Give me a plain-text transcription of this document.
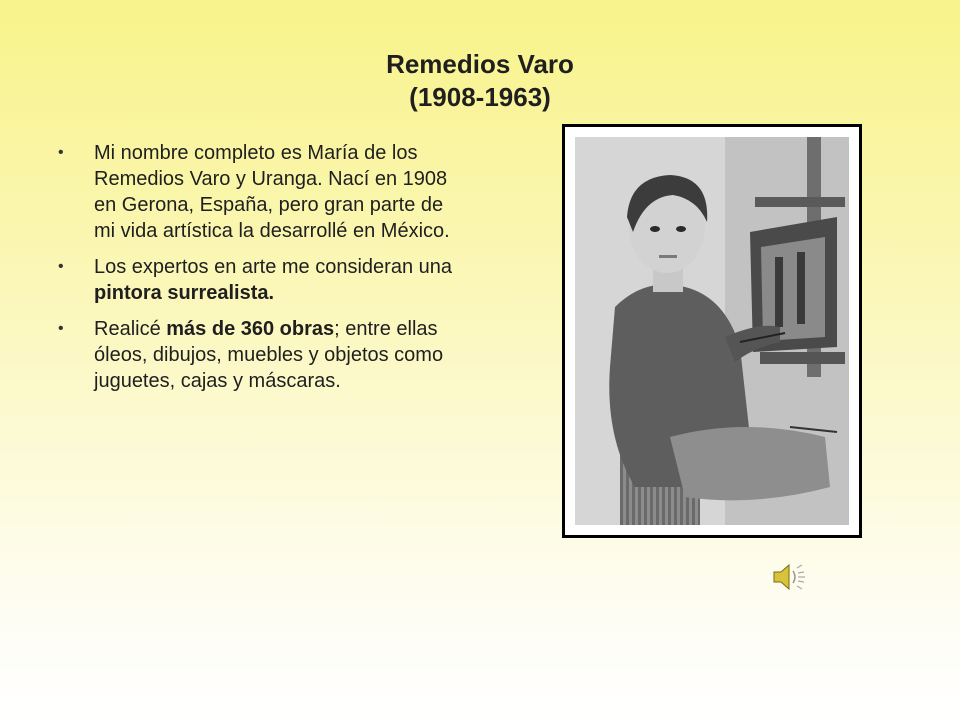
Remedios Varo
(1908-1963)
• Mi nombre completo es María de los Remedios Varo y Uranga. Nací en 1908 en Gerona, España, pero gran parte de mi vida artística la desarrollé en México.
• Los expertos en arte me consideran una pintora surrealista.
• Realicé más de 360 obras; entre ellas óleos, dibujos, muebles y objetos como juguetes, cajas y máscaras.
